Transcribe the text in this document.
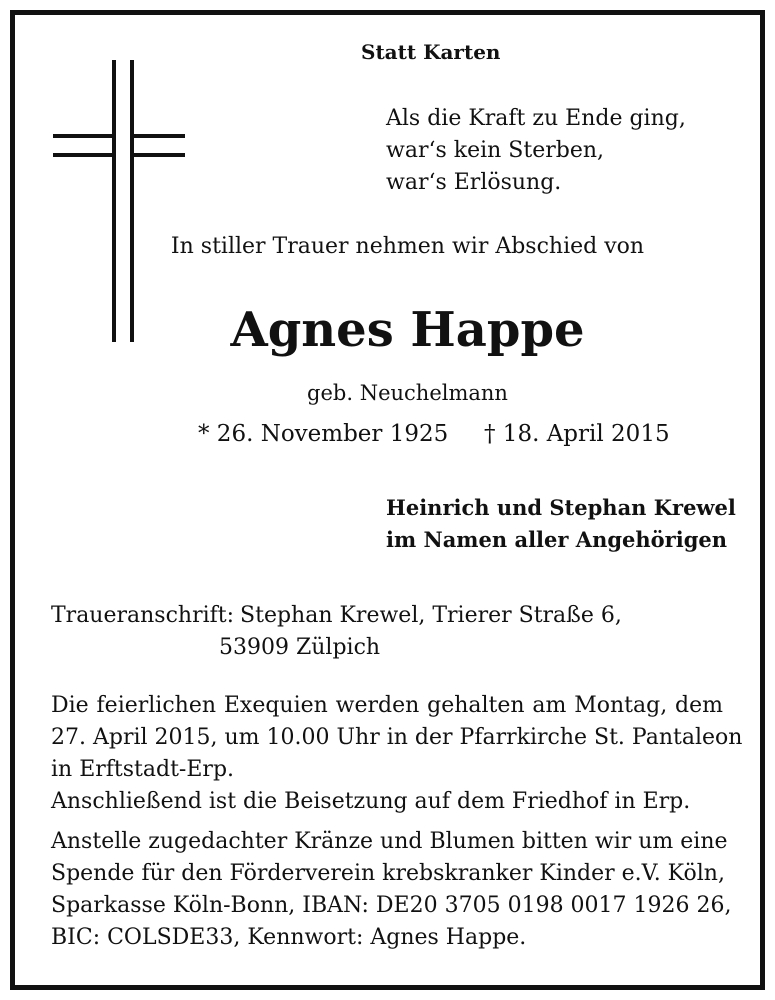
Statt Karten
Als die Kraft zu Ende ging,
war‘s kein Sterben,
war‘s Erlösung.
In stiller Trauer nehmen wir Abschied von
Agnes Happe
geb. Neuchelmann
* 26. November 1925 † 18. April 2015
Heinrich und Stephan Krewel
im Namen aller Angehörigen
Traueranschrift: Stephan Krewel, Trierer Straße 6,
53909 Zülpich
Die feierlichen Exequien werden gehalten am Montag, dem
27. April 2015, um 10.00 Uhr in der Pfarrkirche St. Pantaleon
in Erftstadt-Erp.
Anschließend ist die Beisetzung auf dem Friedhof in Erp.
Anstelle zugedachter Kränze und Blumen bitten wir um eine
Spende für den Förderverein krebskranker Kinder e.V. Köln,
Sparkasse Köln-Bonn, IBAN: DE20 3705 0198 0017 1926 26,
BIC: COLSDE33, Kennwort: Agnes Happe.
